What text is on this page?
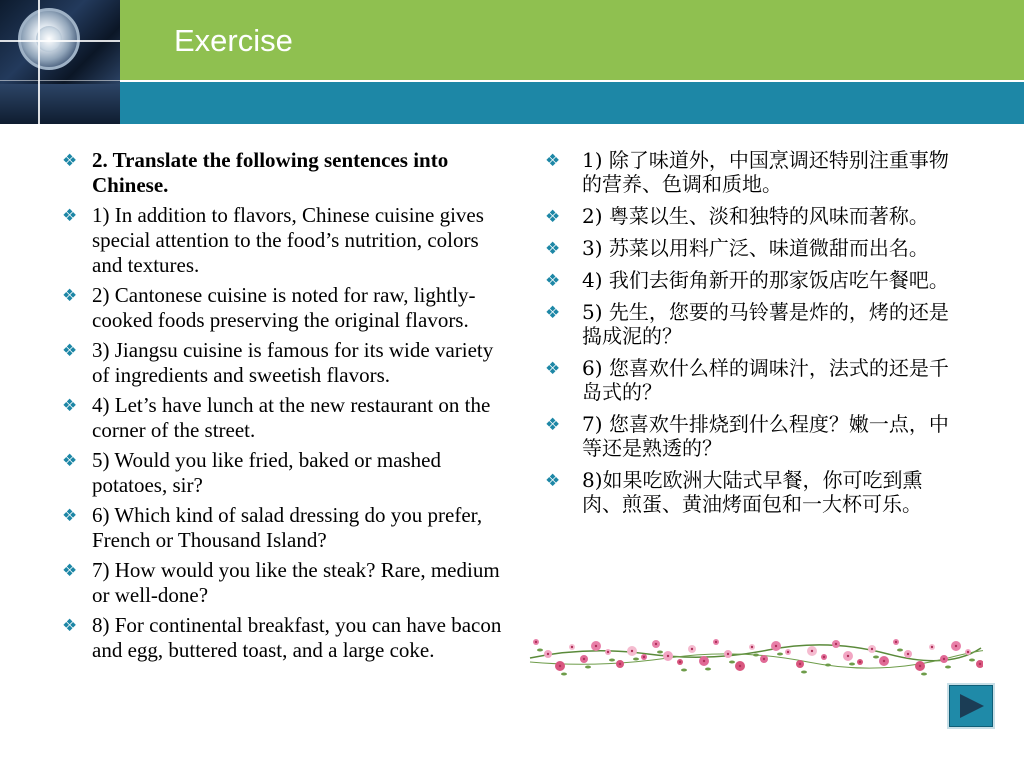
Exercise
❖ 2. Translate the following sentences into Chinese.
❖ 1) In addition to flavors, Chinese cuisine gives special attention to the food’s nutrition, colors and textures.
❖ 2) Cantonese cuisine is noted for raw, lightly-cooked foods preserving the original flavors.
❖ 3) Jiangsu cuisine is famous for its wide variety of ingredients and sweetish flavors.
❖ 4) Let’s have lunch at the new restaurant on the corner of the street.
❖ 5) Would you like fried, baked or mashed potatoes, sir?
❖ 6) Which kind of salad dressing do you prefer, French or Thousand Island?
❖ 7) How would you like the steak? Rare, medium or well-done?
❖ 8) For continental breakfast, you can have bacon and egg, buttered toast, and a large coke.
❖ 1) 除了味道外，中国烹调还特别注重事物的营养、色调和质地。
❖ 2) 粤菜以生、淡和独特的风味而著称。
❖ 3) 苏菜以用料广泛、味道微甜而出名。
❖ 4) 我们去街角新开的那家饭店吃午餐吧。
❖ 5) 先生，您要的马铃薯是炸的，烤的还是捣成泥的？
❖ 6) 您喜欢什么样的调味汁，法式的还是千岛式的？
❖ 7) 您喜欢牛排烧到什么程度？嫩一点，中等还是熟透的？
❖ 8)如果吃欧洲大陆式早餐，你可吃到熏肉、煎蛋、黄油烤面包和一大杯可乐。
